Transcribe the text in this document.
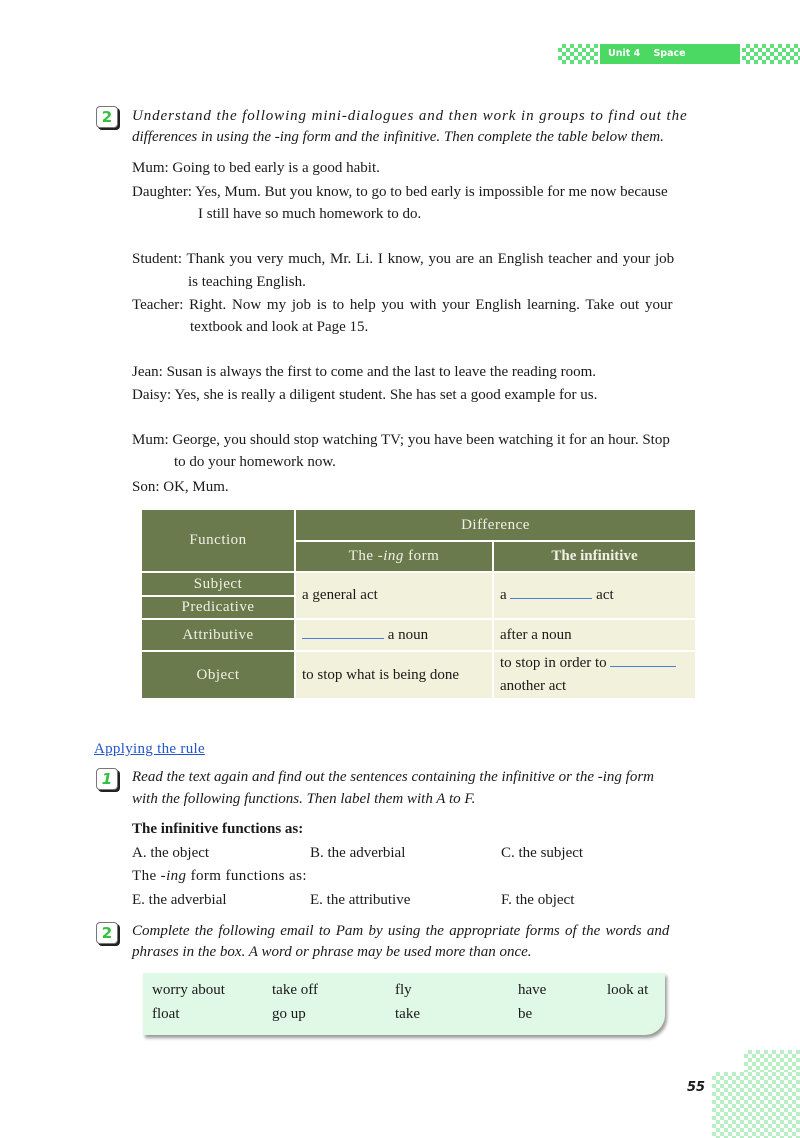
Unit 4 Space Exploration
2	Understand the following mini-dialogues and then work in groups to find out the
differences in using the -ing form and the infinitive. Then complete the table below them.
Mum: Going to bed early is a good habit.
Daughter: Yes, Mum. But you know, to go to bed early is impossible for me now because
I still have so much homework to do.
Student: Thank you very much, Mr. Li. I know, you are an English teacher and your job
is teaching English.
Teacher: Right. Now my job is to help you with your English learning. Take out your
textbook and look at Page 15.
Jean: Susan is always the first to come and the last to leave the reading room.
Daisy: Yes, she is really a diligent student. She has set a good example for us.
Mum: George, you should stop watching TV; you have been watching it for an hour. Stop
to do your homework now.
Son: OK, Mum.
Function	Difference	
	The -ing form	The infinitive
Subject	a general act	a act
Predicative		
Attributive	a noun	after a noun
Object	to stop what is being done	to stop in order to
another act
Applying the rule
1	Read the text again and find out the sentences containing the infinitive or the -ing form
with the following functions. Then label them with A to F.
The infinitive functions as:
A. the object	B. the adverbial	C. the subject
The -ing form functions as:
E. the adverbial	E. the attributive	F. the object
2	Complete the following email to Pam by using the appropriate forms of the words and
phrases in the box. A word or phrase may be used more than once.
worry about	take off	fly	have	look at
float	go up	take	be
55
